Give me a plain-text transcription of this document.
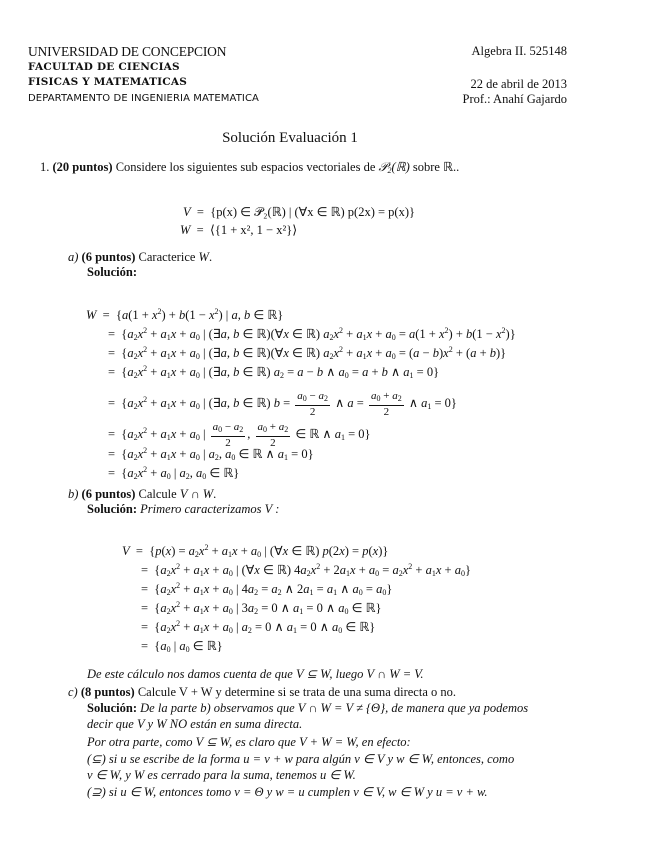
UNIVERSIDAD DE CONCEPCION
FACULTAD DE CIENCIAS
FISICAS Y MATEMATICAS
DEPARTAMENTO DE INGENIERIA MATEMATICA
Algebra II. 525148
22 de abril de 2013
Prof.: Anahí Gajardo
Solución Evaluación 1
1. (20 puntos) Considere los siguientes sub espacios vectoriales de 𝒫$_2$(ℝ) sobre ℝ..
V  =  {p(x) ∈ 𝒫₂(ℝ) | (∀x ∈ ℝ) p(2x) = p(x)}
W  =  ⟨{1 + x², 1 − x²}⟩
a) (6 puntos) Caracterice W.
Solución:
$W = \{a(1 + x^2) + b(1 - x^2)$ | a, b ∈ ℝ}
=  {$a_2x^2 + a_1x + a_0$ | (∃a, b ∈ ℝ)(∀x ∈ ℝ) $a_2x^2 + a_1x + a_0 = a(1 + x^2) + b(1 - x^2)$}
=  {$a_2x^2 + a_1x + a_0$ | (∃a, b ∈ ℝ)(∀x ∈ ℝ) $a_2x^2 + a_1x + a_0 = (a - b)x^2 + (a + b)$}
=  {$a_2x^2 + a_1x + a_0$ | (∃a, b ∈ ℝ) $a_2 = a - b$ ∧ $a_0 = a + b$ ∧ $a_1 = 0$}
=  {$a_2x^2 + a_1x + a_0$ | (∃a, b ∈ ℝ) $b = \frac{a_0 - a_2}{2}$ ∧ $a = \frac{a_0 + a_2}{2}$ ∧ $a_1 = 0$}
=  {$a_2x^2 + a_1x + a_0$ | $\frac{a_0 - a_2}{2}$ , $\frac{a_0 + a_2}{2}$ ∈ ℝ ∧ $a_1 = 0$}
=  {$a_2x^2 + a_1x + a_0$ | $a_2$, $a_0$ ∈ ℝ ∧ $a_1 = 0$}
=  {$a_2x^2 + a_0$ | $a_2$, $a_0$ ∈ ℝ}
b) (6 puntos) Calcule V ∩ W.
Solución: Primero caracterizamos V :
$V = \{p(x) = a_2x^2 + a_1x + a_0$ | (∀x ∈ ℝ) p(2x) = p(x)}
=  {$a_2x^2 + a_1x + a_0$ | (∀x ∈ ℝ) $4a_2x^2 + 2a_1x + a_0 = a_2x^2 + a_1x + a_0$}
=  {$a_2x^2 + a_1x + a_0$ | $4a_2 = a_2$ ∧ $2a_1 = a_1$ ∧ $a_0 = a_0$}
=  {$a_2x^2 + a_1x + a_0$ | $3a_2 = 0$ ∧ $a_1 = 0$ ∧ $a_0$ ∈ ℝ}
=  {$a_2x^2 + a_1x + a_0$ | $a_2 = 0$ ∧ $a_1 = 0$ ∧ $a_0$ ∈ ℝ}
=  {$a_0$ | $a_0$ ∈ ℝ}
De este cálculo nos damos cuenta de que V ⊆ W, luego V ∩ W = V.
c) (8 puntos) Calcule V + W y determine si se trata de una suma directa o no.
Solución: De la parte b) observamos que V ∩ W = V ≠ {Θ}, de manera que ya podemos
decir que V y W NO están en suma directa.
Por otra parte, como V ⊆ W, es claro que V + W = W, en efecto:
(⊆) si u se escribe de la forma u = v + w para algún v ∈ V y w ∈ W, entonces, como
v ∈ W, y W es cerrado para la suma, tenemos u ∈ W.
(⊇) si u ∈ W, entonces tomo v = Θ y w = u cumplen v ∈ V, w ∈ W y u = v + w.
